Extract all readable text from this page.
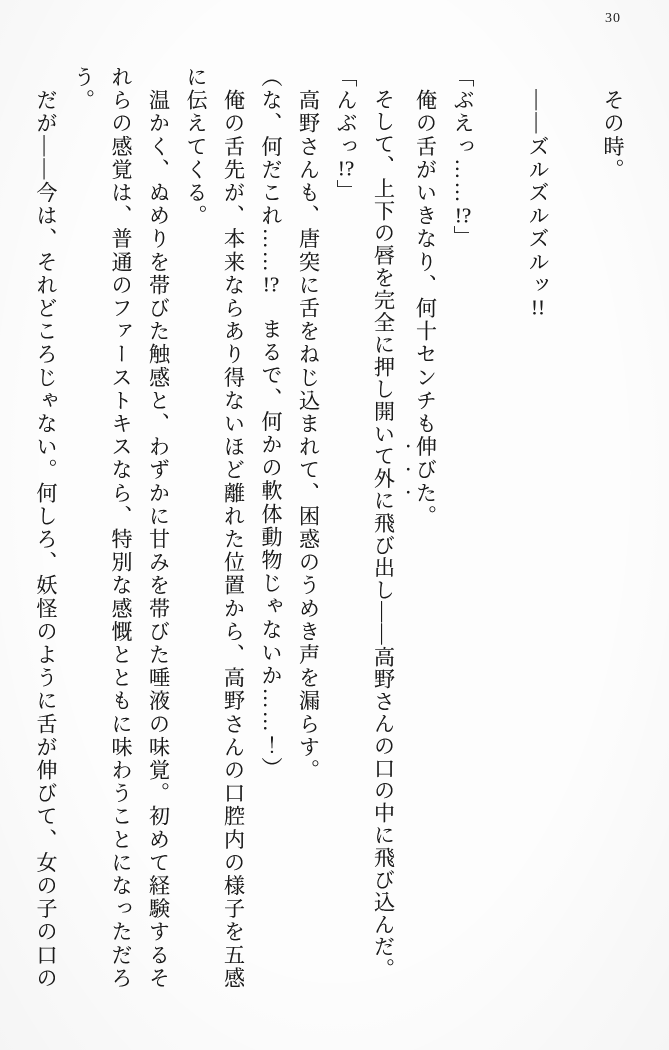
30
　その時。
　——ズルズルズルッ!!
「ぶえっ……!?」
　俺の舌がいきなり、何十センチも伸びた。
　そして、上下の唇を完全に押し開いて外に飛び出し——高野さんの口の中に飛び込んだ。
「んぶっ!?」
　高野さんも、唐突に舌をねじ込まれて、困惑のうめき声を漏らす。
（な、何だこれ……!?　まるで、何かの軟体動物じゃないか……！）
　俺の舌先が、本来ならあり得ないほど離れた位置から、高野さんの口腔内の様子を五感に伝えてくる。
　温かく、ぬめりを帯びた触感と、わずかに甘みを帯びた唾液の味覚。初めて経験するそれらの感覚は、普通のファーストキスなら、特別な感慨とともに味わうことになっただろう。
　だが——今は、それどころじゃない。何しろ、妖怪のように舌が伸びて、女の子の口の
